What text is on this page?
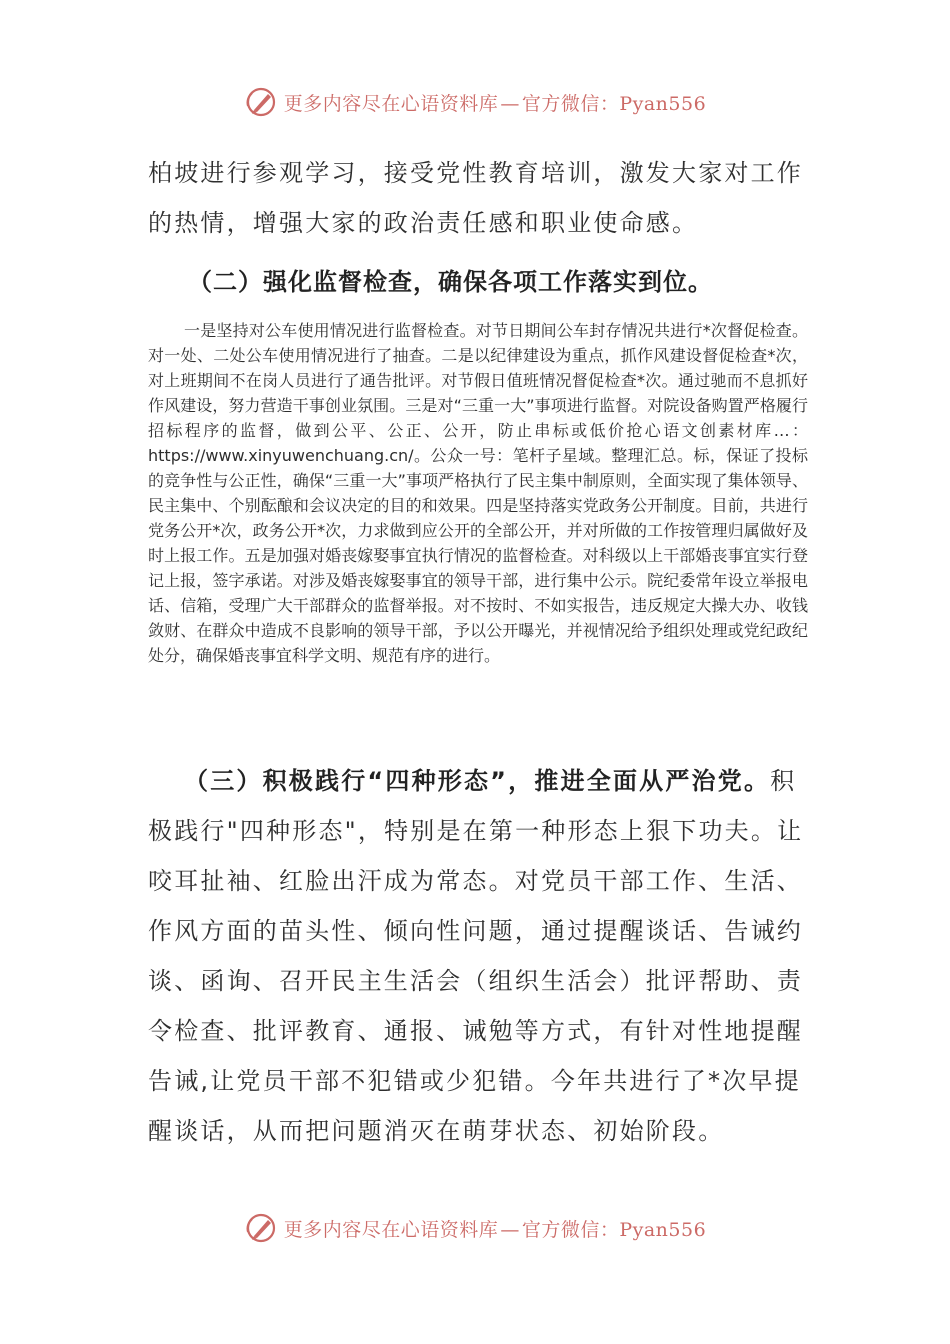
更多内容尽在心语资料库 — 官方微信：Pyan556

柏坡进行参观学习，接受党性教育培训，激发大家对工作的热情，增强大家的政治责任感和职业使命感。

（二）强化监督检查，确保各项工作落实到位。

一是坚持对公车使用情况进行监督检查。对节日期间公车封存情况共进行*次督促检查。对一处、二处公车使用情况进行了抽查。二是以纪律建设为重点，抓作风建设督促检查*次，对上班期间不在岗人员进行了通告批评。对节假日值班情况督促检查*次。通过驰而不息抓好作风建设，努力营造干事创业氛围。三是对“三重一大”事项进行监督。对院设备购置严格履行招标程序的监督，做到公平、公正、公开，防止串标或低价抢心语文创素材库…：https://www.xinyuwenchuang.cn/。公众一号：笔杆子星域。整理汇总。标，保证了投标的竞争性与公正性，确保“三重一大”事项严格执行了民主集中制原则，全面实现了集体领导、民主集中、个别酝酿和会议决定的目的和效果。四是坚持落实党政务公开制度。目前，共进行党务公开*次，政务公开*次，力求做到应公开的全部公开，并对所做的工作按管理归属做好及时上报工作。五是加强对婚丧嫁娶事宜执行情况的监督检查。对科级以上干部婚丧事宜实行登记上报，签字承诺。对涉及婚丧嫁娶事宜的领导干部，进行集中公示。院纪委常年设立举报电话、信箱，受理广大干部群众的监督举报。对不按时、不如实报告，违反规定大操大办、收钱敛财、在群众中造成不良影响的领导干部，予以公开曝光，并视情况给予组织处理或党纪政纪处分，确保婚丧事宜科学文明、规范有序的进行。

（三）积极践行“四种形态”，推进全面从严治党。积极践行"四种形态"，特别是在第一种形态上狠下功夫。让咬耳扯袖、红脸出汗成为常态。对党员干部工作、生活、作风方面的苗头性、倾向性问题，通过提醒谈话、告诫约谈、函询、召开民主生活会（组织生活会）批评帮助、责令检查、批评教育、通报、诫勉等方式，有针对性地提醒告诫,让党员干部不犯错或少犯错。今年共进行了*次早提醒谈话，从而把问题消灭在萌芽状态、初始阶段。

更多内容尽在心语资料库 — 官方微信：Pyan556
